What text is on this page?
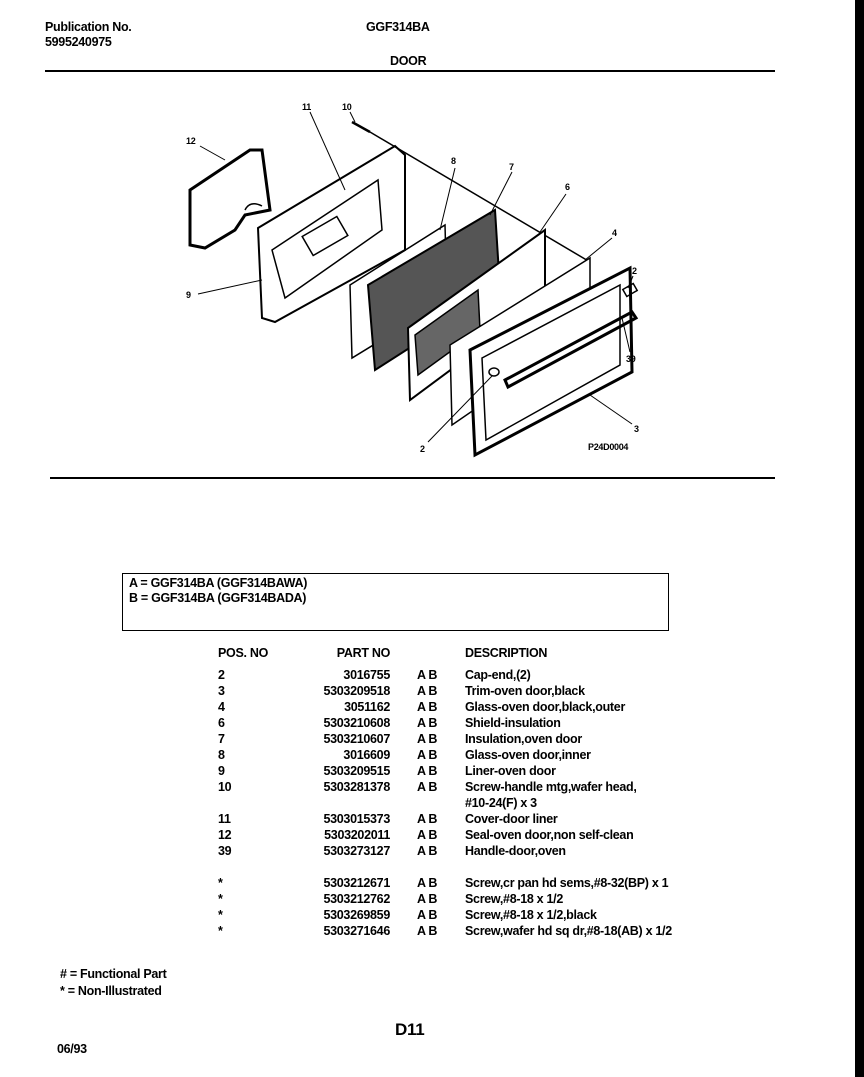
Publication No.
5995240975
GGF314BA
DOOR
12
11	10
8
7
6
4
2
39
3
2
9
P24D0004
A = GGF314BA (GGF314BAWA)
B = GGF314BA (GGF314BADA)
POS. NO	PART NO	DESCRIPTION
2	3016755 A B Cap-end,(2)
3	5303209518 A B Trim-oven door,black
4	3051162 A B Glass-oven door,black,outer
6	5303210608 A B Shield-insulation
7	5303210607 A B Insulation,oven door
8	3016609 A B Glass-oven door,inner
9	5303209515 A B Liner-oven door
10	5303281378 A B Screw-handle mtg,wafer head,
#10-24(F) x 3
11	5303015373 A B Cover-door liner
12	5303202011 A B Seal-oven door,non self-clean
39	5303273127 A B Handle-door,oven
*	5303212671 A B Screw,cr pan hd sems,#8-32(BP) x 1
*	5303212762 A B Screw,#8-18 x 1/2
*	5303269859 A B Screw,#8-18 x 1/2,black
*	5303271646 A B Screw,wafer hd sq dr,#8-18(AB) x 1/2
# = Functional Part
* = Non-Illustrated
06/93
D11
